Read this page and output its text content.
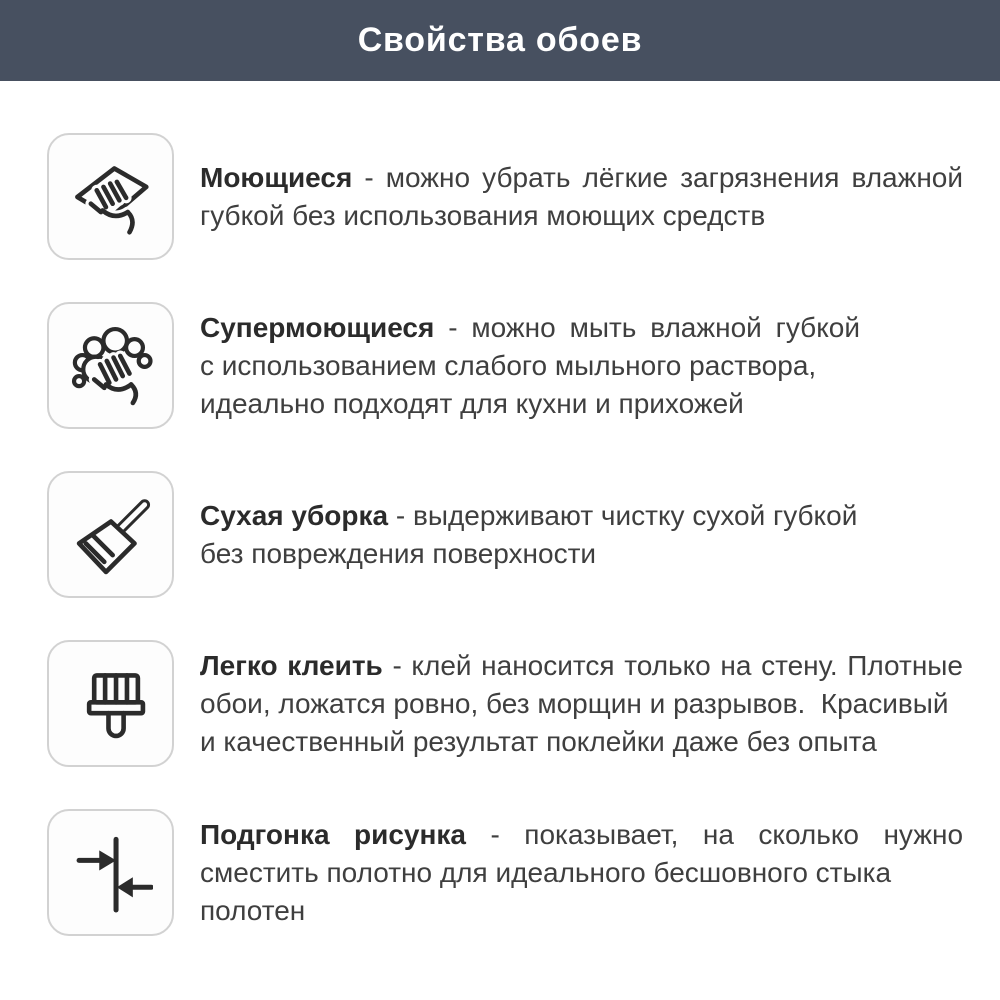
Свойства обоев
Моющиеся - можно убрать лёгкие загрязнения влажной
губкой без использования моющих средств
Супермоющиеся - можно мыть влажной губкой
с использованием слабого мыльного раствора,
идеально подходят для кухни и прихожей
Сухая уборка - выдерживают чистку сухой губкой
без повреждения поверхности
Легко клеить - клей наносится только на стену. Плотные
обои, ложатся ровно, без морщин и разрывов.  Красивый
и качественный результат поклейки даже без опыта
Подгонка рисунка - показывает, на сколько нужно
сместить полотно для идеального бесшовного стыка полотен
